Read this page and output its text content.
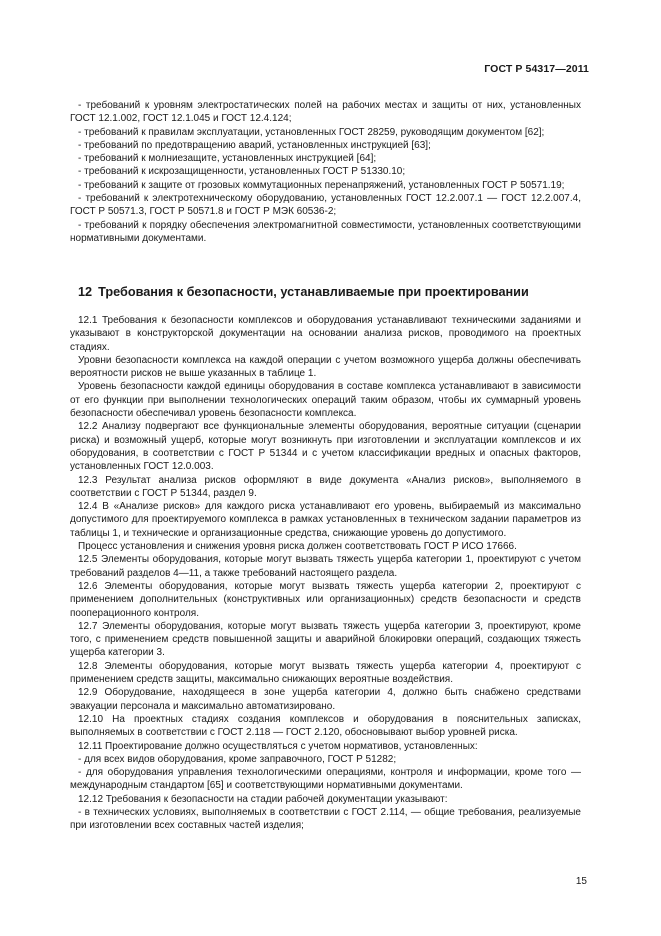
ГОСТ Р 54317—2011

- требований к уровням электростатических полей на рабочих местах и защиты от них, установленных ГОСТ 12.1.002, ГОСТ 12.1.045 и ГОСТ 12.4.124;

- требований к правилам эксплуатации, установленных ГОСТ 28259, руководящим документом [62];

- требований по предотвращению аварий, установленных инструкцией [63];

- требований к молниезащите, установленных инструкцией [64];

- требований к искрозащищенности, установленных ГОСТ Р 51330.10;

- требований к защите от грозовых коммутационных перенапряжений, установленных ГОСТ Р 50571.19;

- требований к электротехническому оборудованию, установленных ГОСТ 12.2.007.1 — ГОСТ 12.2.007.4, ГОСТ Р 50571.3, ГОСТ Р 50571.8 и ГОСТ Р МЭК 60536-2;

- требований к порядку обеспечения электромагнитной совместимости, установленных соответствующими нормативными документами.

12 Требования к безопасности, устанавливаемые при проектировании

12.1 Требования к безопасности комплексов и оборудования устанавливают техническими заданиями и указывают в конструкторской документации на основании анализа рисков, проводимого на проектных стадиях.

Уровни безопасности комплекса на каждой операции с учетом возможного ущерба должны обеспечивать вероятности рисков не выше указанных в таблице 1.

Уровень безопасности каждой единицы оборудования в составе комплекса устанавливают в зависимости от его функции при выполнении технологических операций таким образом, чтобы их суммарный уровень безопасности обеспечивал уровень безопасности комплекса.

12.2 Анализу подвергают все функциональные элементы оборудования, вероятные ситуации (сценарии риска) и возможный ущерб, которые могут возникнуть при изготовлении и эксплуатации комплексов и их оборудования, в соответствии с ГОСТ Р 51344 и с учетом классификации вредных и опасных факторов, установленных ГОСТ 12.0.003.

12.3 Результат анализа рисков оформляют в виде документа «Анализ рисков», выполняемого в соответствии с ГОСТ Р 51344, раздел 9.

12.4 В «Анализе рисков» для каждого риска устанавливают его уровень, выбираемый из максимально допустимого для проектируемого комплекса в рамках установленных в техническом задании параметров из таблицы 1, и технические и организационные средства, снижающие уровень до допустимого.

Процесс установления и снижения уровня риска должен соответствовать ГОСТ Р ИСО 17666.

12.5 Элементы оборудования, которые могут вызвать тяжесть ущерба категории 1, проектируют с учетом требований разделов 4—11, а также требований настоящего раздела.

12.6 Элементы оборудования, которые могут вызвать тяжесть ущерба категории 2, проектируют с применением дополнительных (конструктивных или организационных) средств безопасности и средств пооперационного контроля.

12.7 Элементы оборудования, которые могут вызвать тяжесть ущерба категории 3, проектируют, кроме того, с применением средств повышенной защиты и аварийной блокировки операций, создающих тяжесть ущерба категории 3.

12.8 Элементы оборудования, которые могут вызвать тяжесть ущерба категории 4, проектируют с применением средств защиты, максимально снижающих вероятные воздействия.

12.9 Оборудование, находящееся в зоне ущерба категории 4, должно быть снабжено средствами эвакуации персонала и максимально автоматизировано.

12.10 На проектных стадиях создания комплексов и оборудования в пояснительных записках, выполняемых в соответствии с ГОСТ 2.118 — ГОСТ 2.120, обосновывают выбор уровней риска.

12.11 Проектирование должно осуществляться с учетом нормативов, установленных:

- для всех видов оборудования, кроме заправочного, ГОСТ Р 51282;

- для оборудования управления технологическими операциями, контроля и информации, кроме того — международным стандартом [65] и соответствующими нормативными документами.

12.12 Требования к безопасности на стадии рабочей документации указывают:

- в технических условиях, выполняемых в соответствии с ГОСТ 2.114, — общие требования, реализуемые при изготовлении всех составных частей изделия;

15
